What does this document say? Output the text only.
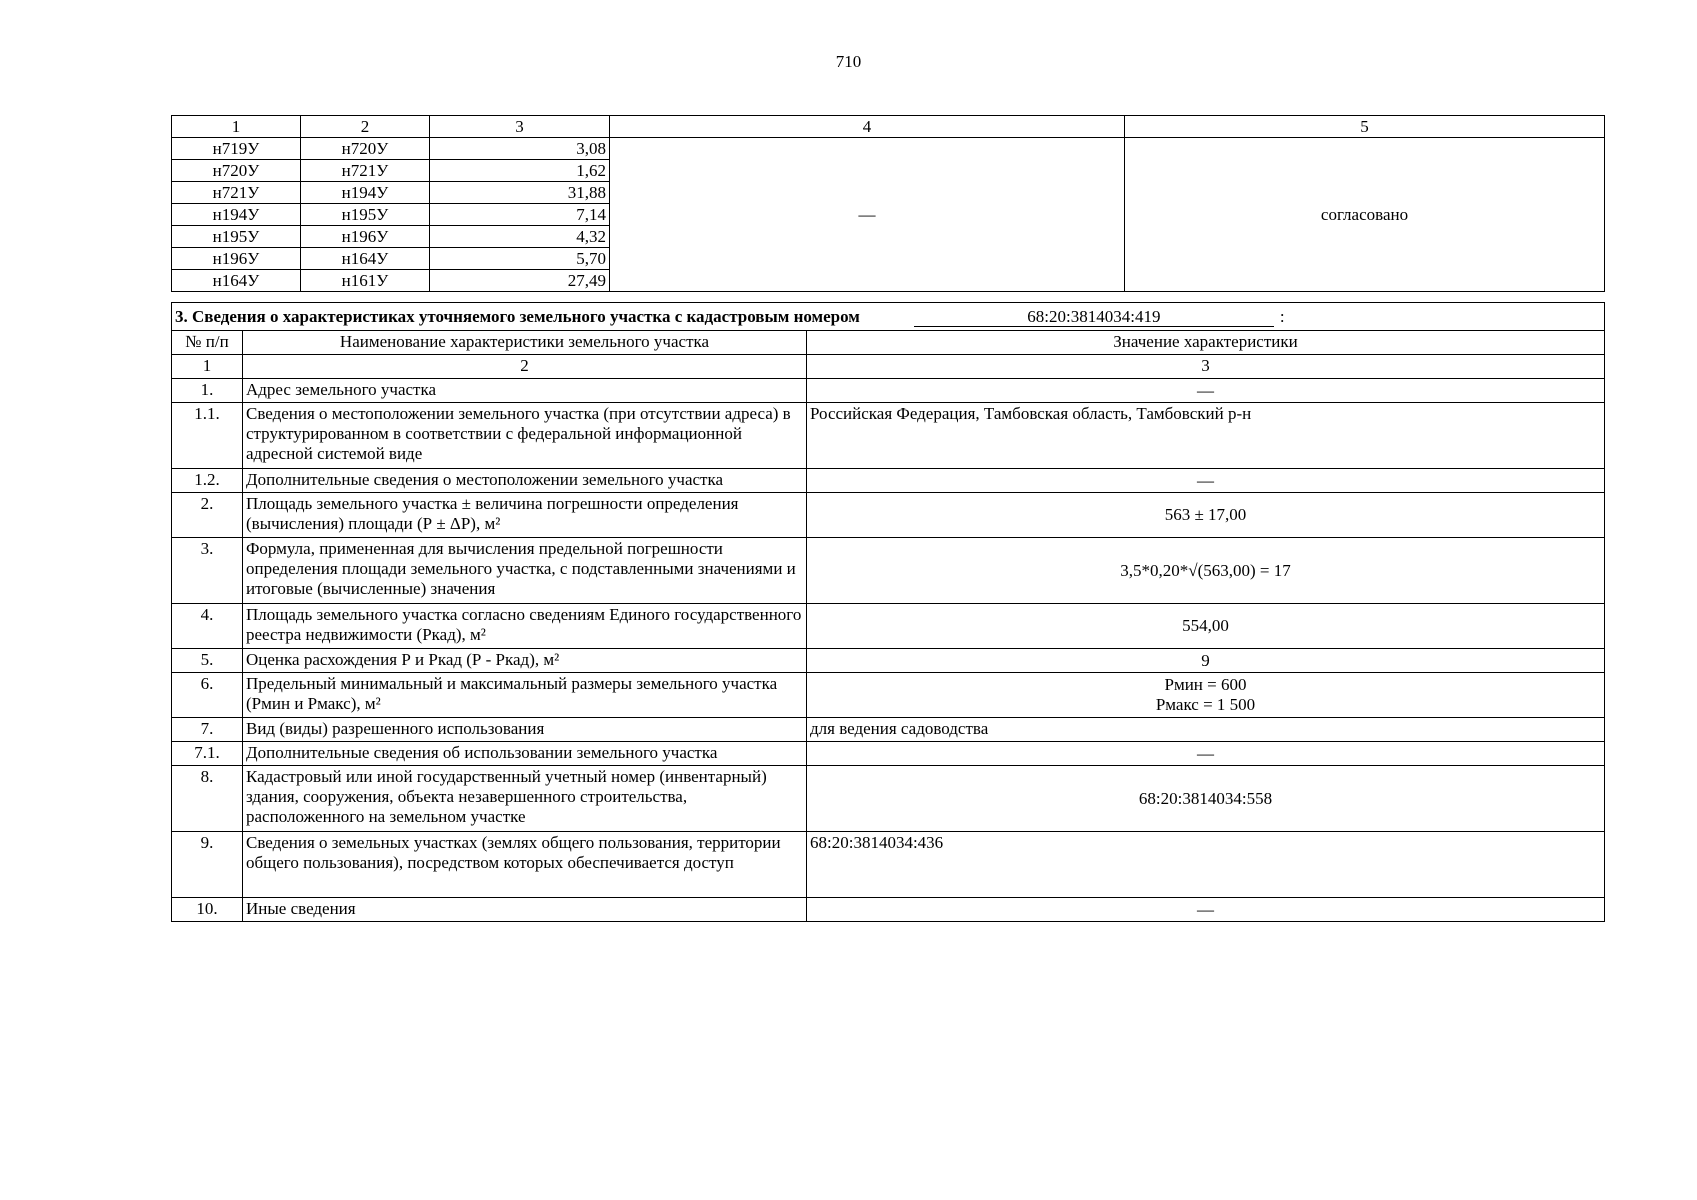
710
1	2	3	4	5
н719У	н720У	3,08	—	согласовано
н720У	н721У	1,62		
н721У	н194У	31,88		
н194У	н195У	7,14		
н195У	н196У	4,32		
н196У	н164У	5,70		
н164У	н161У	27,49		
3. Сведения о характеристиках уточняемого земельного участка с кадастровым номером 68:20:3814034:419 :		
№ п/п	Наименование характеристики земельного участка	Значение характеристики
1	2	3
1.	Адрес земельного участка	—
1.1.	Сведения о местоположении земельного участка (при отсутствии адреса) в структурированном в соответствии с федеральной информационной адресной системой виде	Российская Федерация, Тамбовская область, Тамбовский р-н
1.2.	Дополнительные сведения о местоположении земельного участка	—
2.	Площадь земельного участка ± величина погрешности определения (вычисления) площади (Р ± ΔР), м²	563 ± 17,00
3.	Формула, примененная для вычисления предельной погрешности определения площади земельного участка, с подставленными значениями и итоговые (вычисленные) значения	3,5*0,20*√(563,00) = 17
4.	Площадь земельного участка согласно сведениям Единого государственного реестра недвижимости (Ркад), м²	554,00
5.	Оценка расхождения Р и Ркад (Р - Ркад), м²	9
6.	Предельный минимальный и максимальный размеры земельного участка (Рмин и Рмакс), м²	Рмин = 600
Рмакс = 1 500

7.	Вид (виды) разрешенного использования	для ведения садоводства
7.1.	Дополнительные сведения об использовании земельного участка	—
8.	Кадастровый или иной государственный учетный номер (инвентарный) здания, сооружения, объекта незавершенного строительства, расположенного на земельном участке	68:20:3814034:558
9.	Сведения о земельных участках (землях общего пользования, территории общего пользования), посредством которых обеспечивается доступ	68:20:3814034:436
10.	Иные сведения	—
